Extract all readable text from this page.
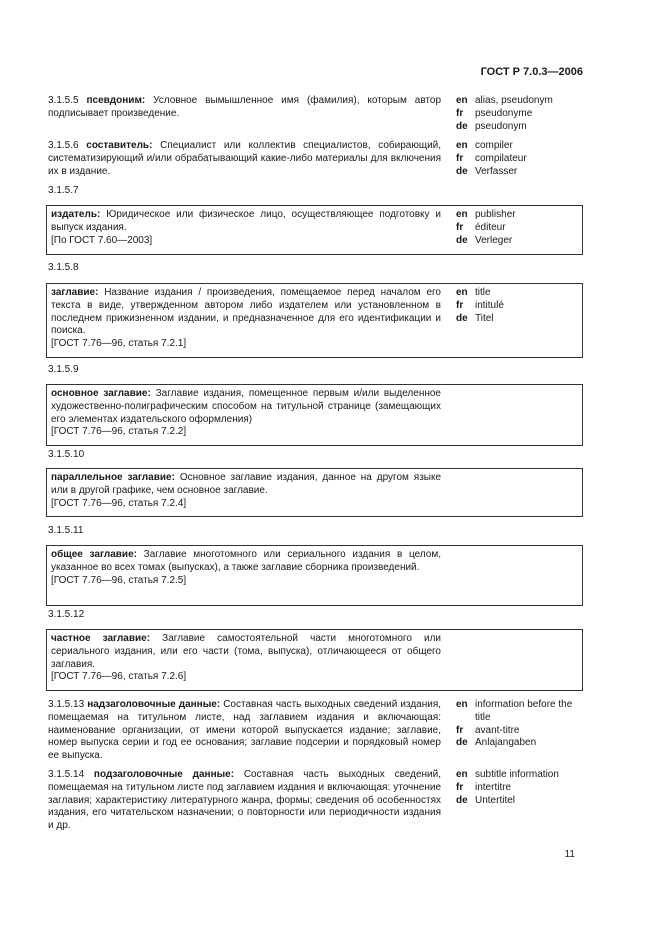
ГОСТ Р 7.0.3—2006

3.1.5.5 псевдоним: Условное вымышленное имя (фамилия), которым автор подписывает произведение.

en alias, pseudonym
fr	pseudonyme
de pseudonym

3.1.5.6 составитель: Специалист или коллектив специалистов, собирающий, систематизирующий и/или обрабатывающий какие-либо материалы для включения их в издание.

en compiler
fr	compilateur
de Verfasser
3.1.5.7
издатель: Юридическое или физическое лицо, осуществляющее подготовку и выпуск издания.
[По ГОСТ 7.60—2003]
en publisher
fr	éditeur
de Verleger
3.1.5.8
заглавие: Название издания / произведения, помещаемое перед началом его текста в виде, утвержденном автором либо издателем или установленном в последнем прижизненном издании, и предназначенное для его идентификации и поиска.
[ГОСТ 7.76—96, статья 7.2.1]
en title
fr	intitulé
de Titel
3.1.5.9
основное заглавие: Заглавие издания, помещенное первым и/или выделенное художественно-полиграфическим способом на титульной странице (замещающих его элементах издательского оформления)
[ГОСТ 7.76—96, статья 7.2.2]
3.1.5.10
параллельное заглавие: Основное заглавие издания, данное на другом языке или в другой графике, чем основное заглавие.
[ГОСТ 7.76—96, статья 7.2.4]
3.1.5.11
общее заглавие: Заглавие многотомного или сериального издания в целом, указанное во всех томах (выпусках), а также заглавие сборника произведений.
[ГОСТ 7.76—96, статья 7.2.5]
3.1.5.12
частное заглавие: Заглавие самостоятельной части многотомного или сериального издания, или его части (тома, выпуска), отличающееся от общего заглавия.
[ГОСТ 7.76—96, статья 7.2.6]

3.1.5.13 надзаголовочные данные: Составная часть выходных сведений издания, помещаемая на титульном листе, над заглавием издания и включающая: наименование организации, от имени которой выпускается издание; заглавие, номер выпуска серии и год ее основания; заглавие подсерии и порядковый номер ее выпуска.

en information before the title
fr	avant-titre
de Anlaįangaben

3.1.5.14 подзаголовочные данные: Составная часть выходных сведений, помещаемая на титульном листе под заглавием издания и включающая: уточнение заглавия; характеристику литературного жанра, формы; сведения об особенностях издания, его читательском назначении; о повторности или периодичности издания и др.

en subtitle information
fr	intertitre
de Untertitel
11
